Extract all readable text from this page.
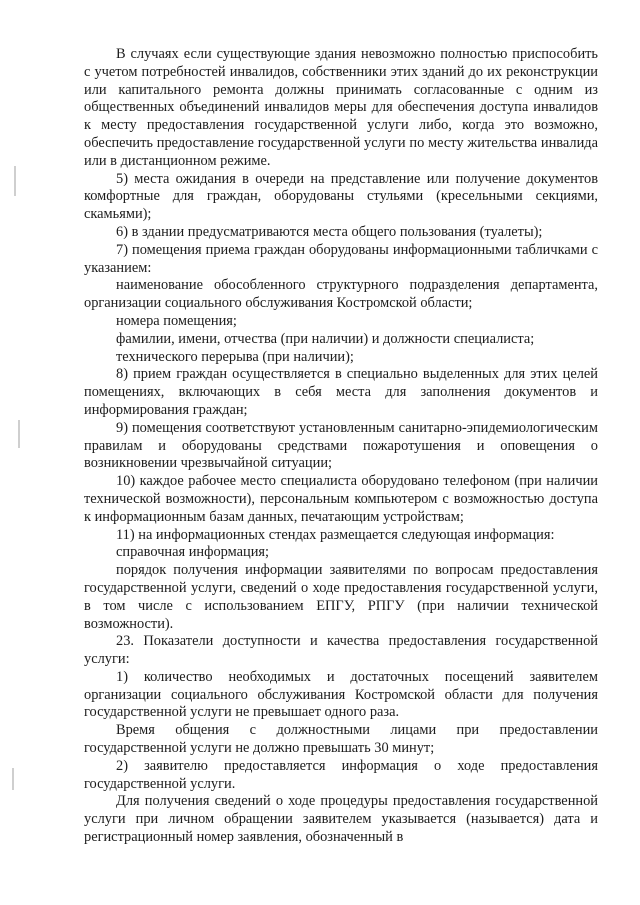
В случаях если существующие здания невозможно полностью приспособить с учетом потребностей инвалидов, собственники этих зданий до их реконструкции или капитального ремонта должны принимать согласованные с одним из общественных объединений инвалидов меры для обеспечения доступа инвалидов к месту предоставления государственной услуги либо, когда это возможно, обеспечить предоставление государственной услуги по месту жительства инвалида или в дистанционном режиме.

5) места ожидания в очереди на представление или получение документов комфортные для граждан, оборудованы стульями (кресельными секциями, скамьями);

6) в здании предусматриваются места общего пользования (туалеты);

7) помещения приема граждан оборудованы информационными табличками с указанием:

наименование обособленного структурного подразделения департамента, организации социального обслуживания Костромской области;

номера помещения;

фамилии, имени, отчества (при наличии) и должности специалиста;

технического перерыва (при наличии);

8) прием граждан осуществляется в специально выделенных для этих целей помещениях, включающих в себя места для заполнения документов и информирования граждан;

9) помещения соответствуют установленным санитарно-эпидемиологическим правилам и оборудованы средствами пожаротушения и оповещения о возникновении чрезвычайной ситуации;

10) каждое рабочее место специалиста оборудовано телефоном (при наличии технической возможности), персональным компьютером с возможностью доступа к информационным базам данных, печатающим устройствам;

11) на информационных стендах размещается следующая информация:

справочная информация;

порядок получения информации заявителями по вопросам предоставления государственной услуги, сведений о ходе предоставления государственной услуги, в том числе с использованием ЕПГУ, РПГУ (при наличии технической возможности).

23. Показатели доступности и качества предоставления государственной услуги:

1) количество необходимых и достаточных посещений заявителем организации социального обслуживания Костромской области для получения государственной услуги не превышает одного раза.

Время общения с должностными лицами при предоставлении государственной услуги не должно превышать 30 минут;

2) заявителю предоставляется информация о ходе предоставления государственной услуги.

Для получения сведений о ходе процедуры предоставления государственной услуги при личном обращении заявителем указывается (называется) дата и регистрационный номер заявления, обозначенный в
